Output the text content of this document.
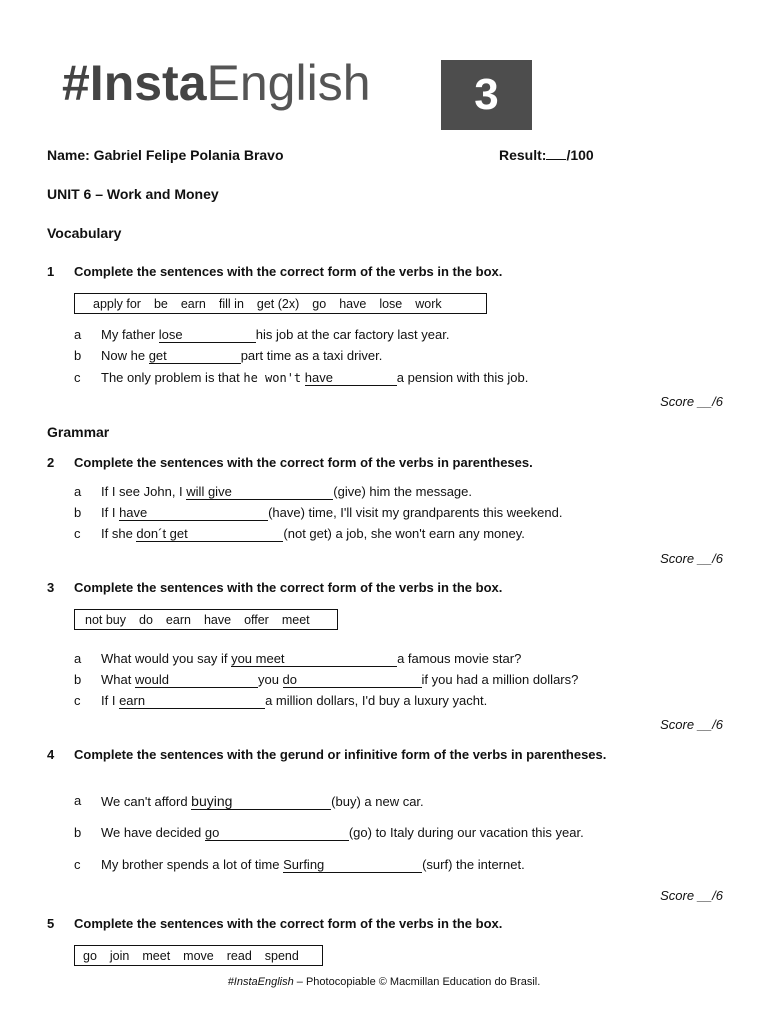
#InstaEnglish	3
Name: Gabriel Felipe Polania Bravo	Result: /100
UNIT 6 – Work and Money
Vocabulary
1 Complete the sentences with the correct form of the verbs in the box.
apply for be earn fill in get (2x) go have lose work
a My father lose	his job at the car factory last year.
b Now he get	part time as a taxi driver.
c The only problem is that he won't have	a pension with this job.
Score __/6
Grammar
2 Complete the sentences with the correct form of the verbs in parentheses.
a If I see John, I will give	(give) him the message.
b If I have	(have) time, I'll visit my grandparents this weekend.
c If she don´t get	(not get) a job, she won't earn any money.
Score __/6
3 Complete the sentences with the correct form of the verbs in the box.
not buy do earn have offer meet
a What would you say if you meet	a famous movie star?
b What would	you do	if you had a million dollars?
c If I earn	a million dollars, I'd buy a luxury yacht.
Score __/6
4 Complete the sentences with the gerund or infinitive form of the verbs in parentheses.
a We can't afford buying	(buy) a new car.
b We have decided go	(go) to Italy during our vacation this year.
c My brother spends a lot of time Surfing	(surf) the internet.
Score __/6
5 Complete the sentences with the correct form of the verbs in the box.
go join meet move read spend
#InstaEnglish – Photocopiable © Macmillan Education do Brasil.
